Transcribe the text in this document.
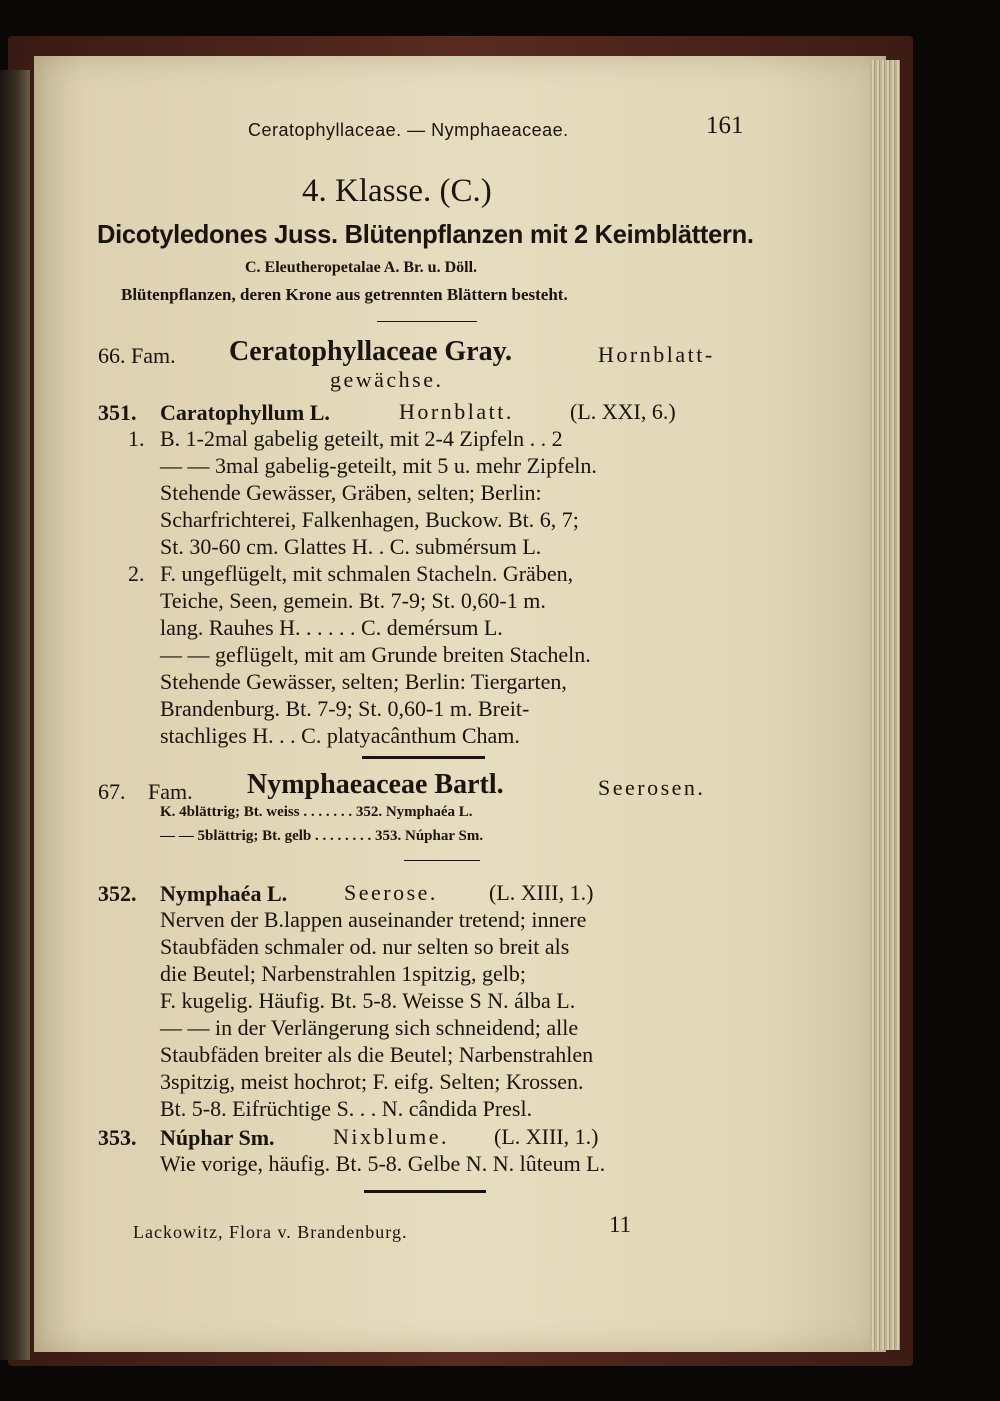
Ceratophyllaceae. — Nymphaeaceae.	161
4. Klasse. (C.)
Dicotyledones Juss. Blütenpflanzen mit 2 Keimblättern.
C. Eleutheropetalae A. Br. u. Döll.
Blütenpflanzen, deren Krone aus getrennten Blättern besteht.
66. Fam. Ceratophyllaceae Gray.	Hornblatt-
gewächse.
351. Caratophyllum L.	Hornblatt.	(L. XXI, 6.)
1. B. 1-2mal gabelig geteilt, mit 2-4 Zipfeln . . 2
— — 3mal gabelig-geteilt, mit 5 u. mehr Zipfeln.
Stehende Gewässer, Gräben, selten; Berlin:
Scharfrichterei, Falkenhagen, Buckow. Bt. 6, 7;
St. 30-60 cm. Glattes H. . C. submérsum L.
2. F. ungeflügelt, mit schmalen Stacheln. Gräben,
Teiche, Seen, gemein. Bt. 7-9; St. 0,60-1 m.
lang. Rauhes H. . . . . . C. demérsum L.
— — geflügelt, mit am Grunde breiten Stacheln.
Stehende Gewässer, selten; Berlin: Tiergarten,
Brandenburg. Bt. 7-9; St. 0,60-1 m. Breit-
stachliges H. . . C. platyacânthum Cham.
67. Fam. Nymphaeaceae Bartl.	Seerosen.
K. 4blättrig; Bt. weiss . . . . . . . 352. Nymphaéa L.
— — 5blättrig; Bt. gelb . . . . . . . . 353. Núphar Sm.
352. Nymphaéa L.	Seerose. (L. XIII, 1.)
Nerven der B.lappen auseinander tretend; innere
Staubfäden schmaler od. nur selten so breit als
die Beutel; Narbenstrahlen 1spitzig, gelb;
F. kugelig. Häufig. Bt. 5-8. Weisse S N. álba L.
— — in der Verlängerung sich schneidend; alle
Staubfäden breiter als die Beutel; Narbenstrahlen
3spitzig, meist hochrot; F. eifg. Selten; Krossen.
Bt. 5-8. Eifrüchtige S. . . N. cândida Presl.
353. Núphar Sm.	Nixblume. (L. XIII, 1.)
Wie vorige, häufig. Bt. 5-8. Gelbe N. N. lûteum L.
Lackowitz, Flora v. Brandenburg.	11
